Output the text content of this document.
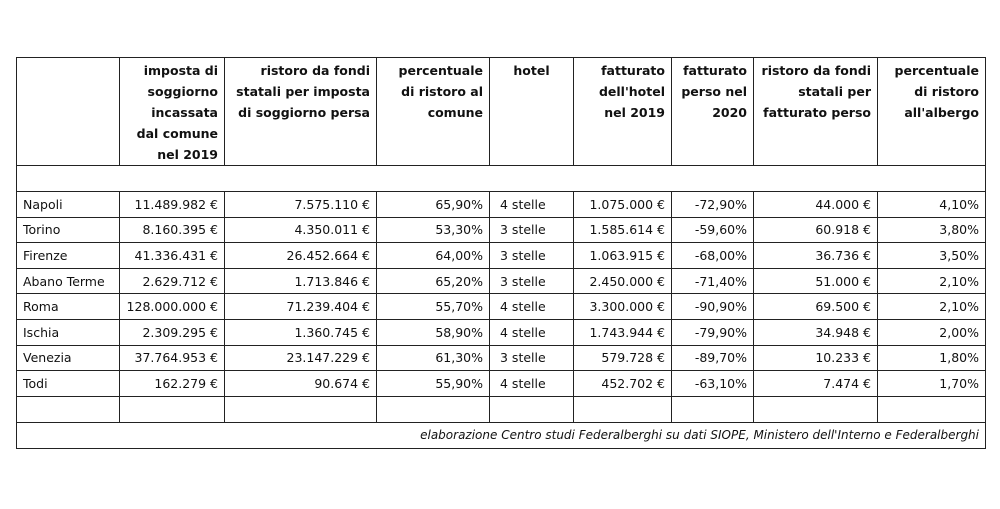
	imposta di soggiorno incassata dal comune nel 2019	ristoro da fondi statali per imposta di soggiorno persa	percentuale di ristoro al comune	hotel	fatturato dell'hotel nel 2019	fatturato perso nel 2020	ristoro da fondi statali per fatturato perso	percentuale di ristoro all'albergo

Napoli	11.489.982 €	7.575.110 €	65,90%	4 stelle	1.075.000 €	-72,90%	44.000 €	4,10%
Torino	8.160.395 €	4.350.011 €	53,30%	3 stelle	1.585.614 €	-59,60%	60.918 €	3,80%
Firenze	41.336.431 €	26.452.664 €	64,00%	3 stelle	1.063.915 €	-68,00%	36.736 €	3,50%
Abano Terme	2.629.712 €	1.713.846 €	65,20%	3 stelle	2.450.000 €	-71,40%	51.000 €	2,10%
Roma	128.000.000 €	71.239.404 €	55,70%	4 stelle	3.300.000 €	-90,90%	69.500 €	2,10%
Ischia	2.309.295 €	1.360.745 €	58,90%	4 stelle	1.743.944 €	-79,90%	34.948 €	2,00%
Venezia	37.764.953 €	23.147.229 €	61,30%	3 stelle	579.728 €	-89,70%	10.233 €	1,80%
Todi	162.279 €	90.674 €	55,90%	4 stelle	452.702 €	-63,10%	7.474 €	1,70%

elaborazione Centro studi Federalberghi su dati SIOPE, Ministero dell'Interno e Federalberghi								
